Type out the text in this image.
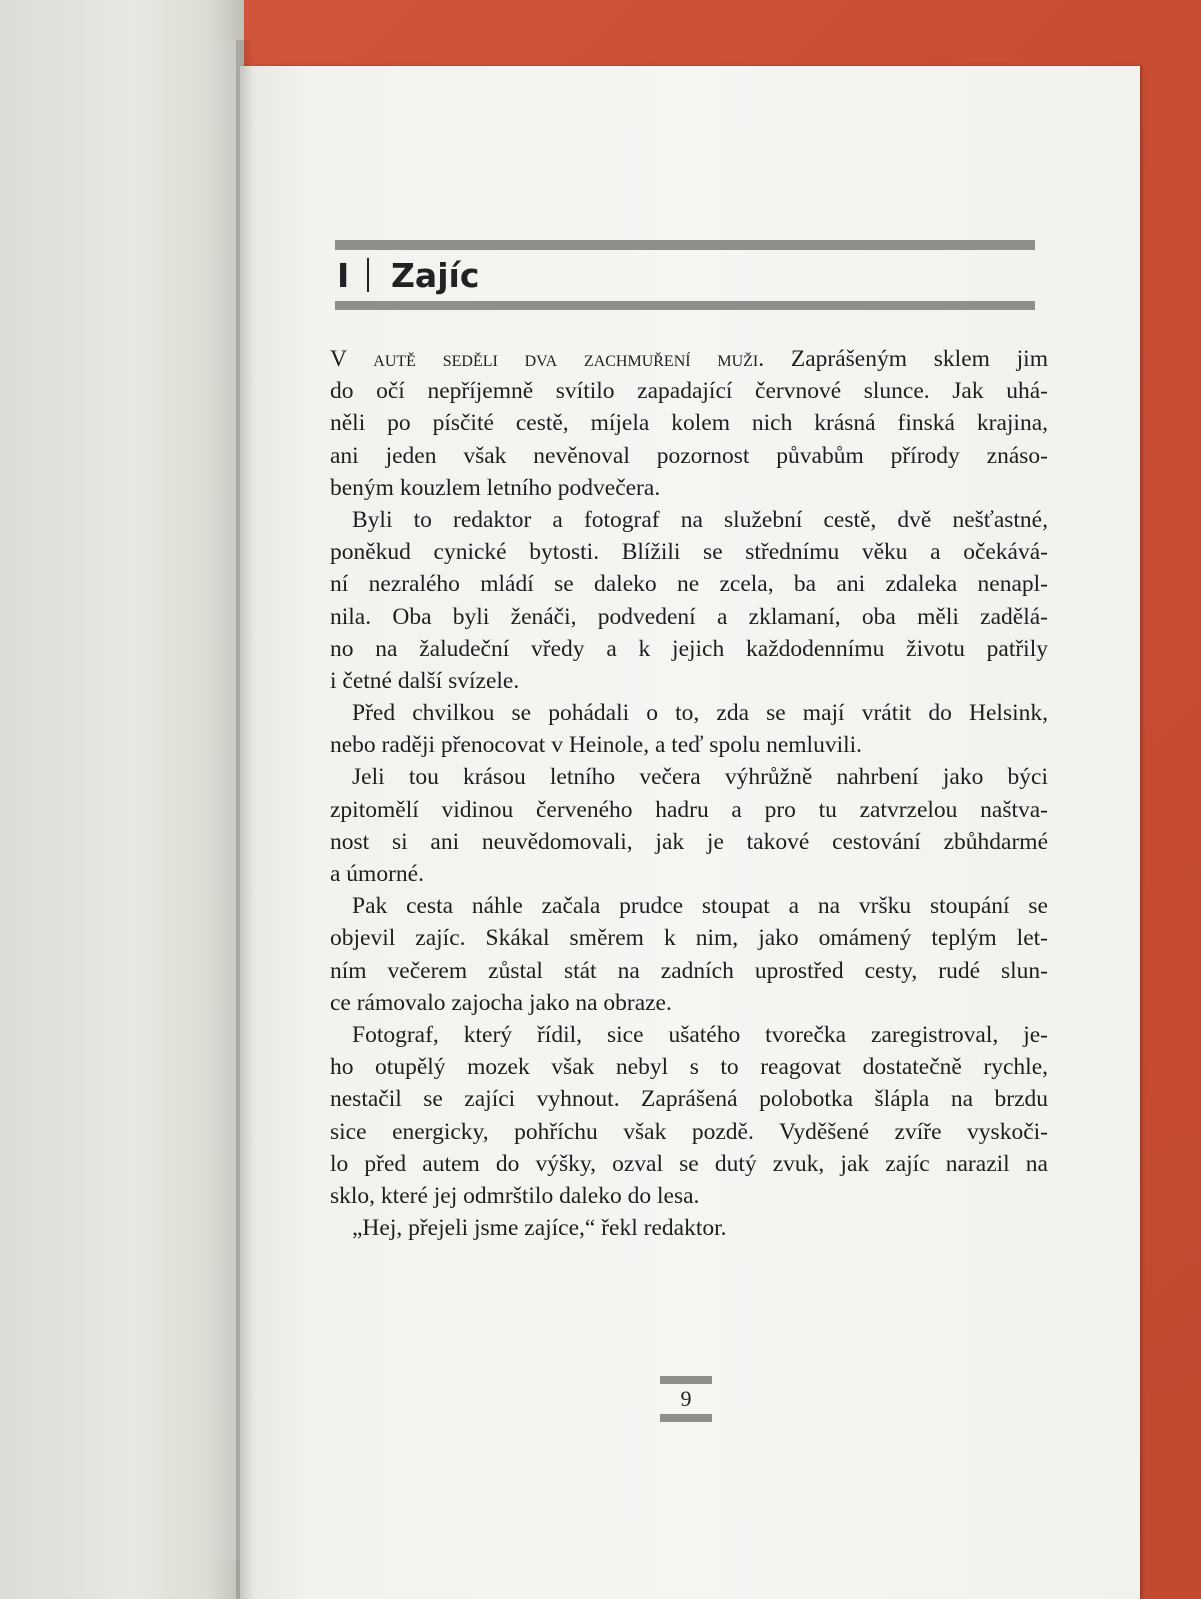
I	Zajíc
V autě seděli dva zachmuření muži. Zaprášeným sklem jim
do očí nepříjemně svítilo zapadající červnové slunce. Jak uhá-
něli po písčité cestě, míjela kolem nich krásná finská krajina,
ani jeden však nevěnoval pozornost půvabům přírody znáso-
beným kouzlem letního podvečera.
Byli to redaktor a fotograf na služební cestě, dvě nešťastné,
poněkud cynické bytosti. Blížili se střednímu věku a očekává-
ní nezralého mládí se daleko ne zcela, ba ani zdaleka nenapl-
nila. Oba byli ženáči, podvedení a zklamaní, oba měli zadělá-
no na žaludeční vředy a k jejich každodennímu životu patřily
i četné další svízele.
Před chvilkou se pohádali o to, zda se mají vrátit do Helsink,
nebo raději přenocovat v Heinole, a teď spolu nemluvili.
Jeli tou krásou letního večera výhrůžně nahrbení jako býci
zpitomělí vidinou červeného hadru a pro tu zatvrzelou naštva-
nost si ani neuvědomovali, jak je takové cestování zbůhdarmé
a úmorné.
Pak cesta náhle začala prudce stoupat a na vršku stoupání se
objevil zajíc. Skákal směrem k nim, jako omámený teplým let-
ním večerem zůstal stát na zadních uprostřed cesty, rudé slun-
ce rámovalo zajocha jako na obraze.
Fotograf, který řídil, sice ušatého tvorečka zaregistroval, je-
ho otupělý mozek však nebyl s to reagovat dostatečně rychle,
nestačil se zajíci vyhnout. Zaprášená polobotka šlápla na brzdu
sice energicky, pohříchu však pozdě. Vyděšené zvíře vyskoči-
lo před autem do výšky, ozval se dutý zvuk, jak zajíc narazil na
sklo, které jej odmrštilo daleko do lesa.
„Hej, přejeli jsme zajíce,“ řekl redaktor.
9
